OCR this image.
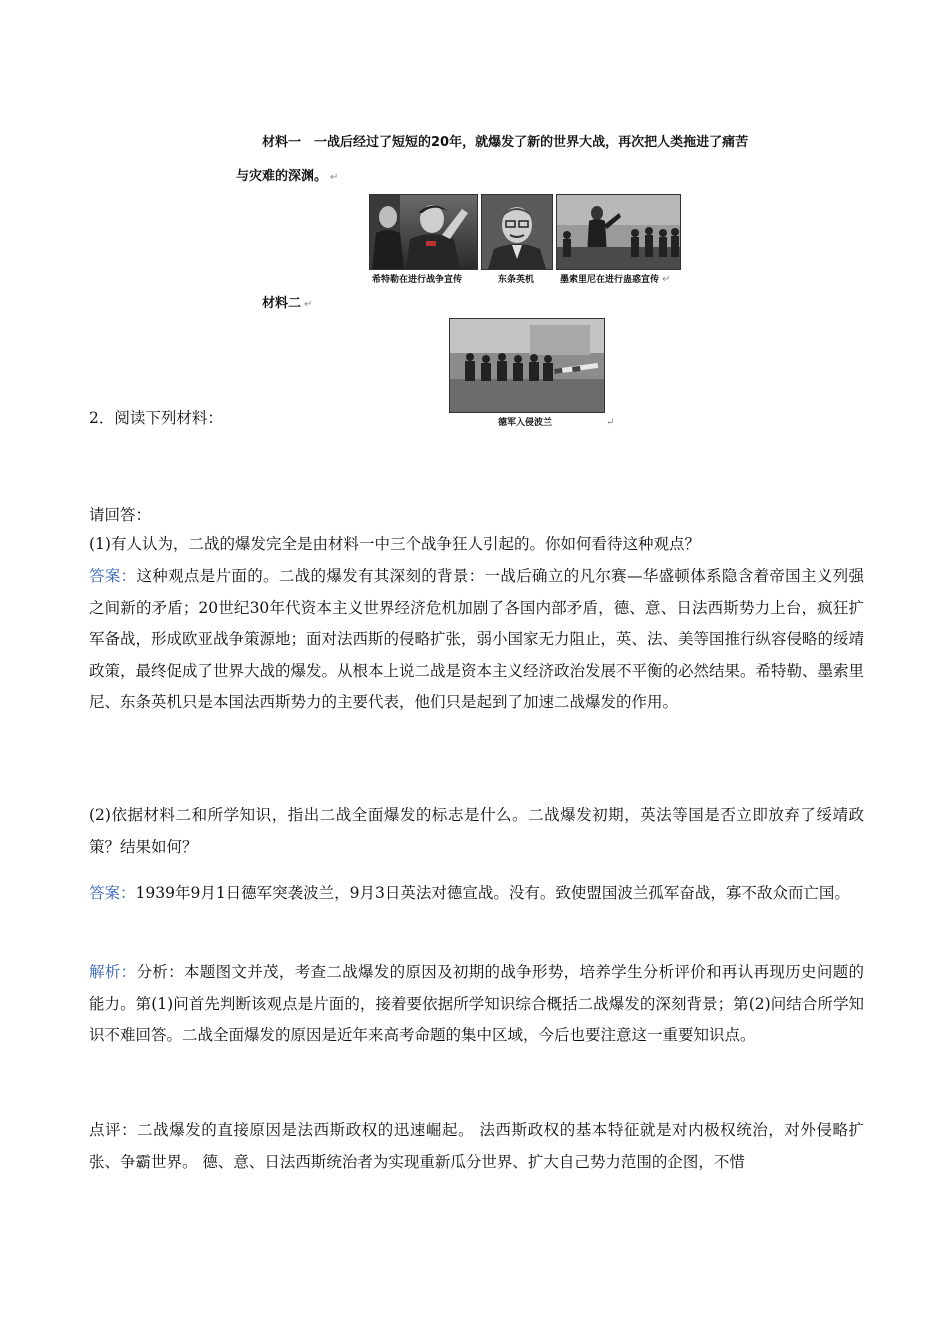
材料一　一战后经过了短短的20年，就爆发了新的世界大战，再次把人类拖进了痛苦
与灾难的深渊。 ↵
希特勒在进行战争宣传	东条英机	墨索里尼在进行蛊惑宣传 ↵
材料二 ↵
德军入侵波兰	↵
2．阅读下列材料：
请回答：
(1)有人认为，二战的爆发完全是由材料一中三个战争狂人引起的。你如何看待这种观点？
答案：这种观点是片面的。二战的爆发有其深刻的背景：一战后确立的凡尔赛—华盛顿体系隐含着帝国主义列强之间新的矛盾；20世纪30年代资本主义世界经济危机加剧了各国内部矛盾，德、意、日法西斯势力上台，疯狂扩军备战，形成欧亚战争策源地；面对法西斯的侵略扩张，弱小国家无力阻止，英、法、美等国推行纵容侵略的绥靖政策，最终促成了世界大战的爆发。从根本上说二战是资本主义经济政治发展不平衡的必然结果。希特勒、墨索里尼、东条英机只是本国法西斯势力的主要代表，他们只是起到了加速二战爆发的作用。
(2)依据材料二和所学知识，指出二战全面爆发的标志是什么。二战爆发初期，英法等国是否立即放弃了绥靖政策？结果如何？
答案：1939年9月1日德军突袭波兰，9月3日英法对德宣战。没有。致使盟国波兰孤军奋战，寡不敌众而亡国。
解析：分析：本题图文并茂，考查二战爆发的原因及初期的战争形势，培养学生分析评价和再认再现历史问题的能力。第(1)问首先判断该观点是片面的，接着要依据所学知识综合概括二战爆发的深刻背景；第(2)问结合所学知识不难回答。二战全面爆发的原因是近年来高考命题的集中区域，今后也要注意这一重要知识点。
点评：二战爆发的直接原因是法西斯政权的迅速崛起。 法西斯政权的基本特征就是对内极权统治，对外侵略扩张、争霸世界。 德、意、日法西斯统治者为实现重新瓜分世界、扩大自己势力范围的企图，不惜
